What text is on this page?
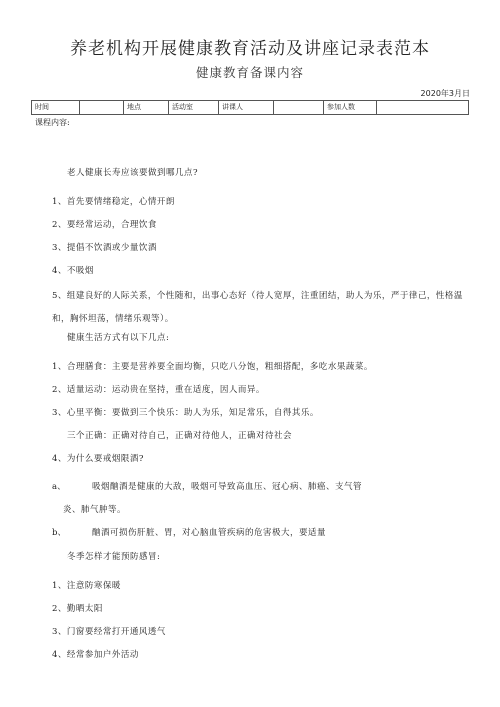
养老机构开展健康教育活动及讲座记录表范本
健康教育备课内容
2020年3月日
时间		地点	活动室	讲课人		参加人数	
课程内容:
老人健康长寿应该要做到哪几点?
1、首先要情绪稳定，心情开朗
2、要经常运动，合理饮食
3、提倡不饮酒或少量饮酒
4、不吸烟
5、组建良好的人际关系，个性随和，出事心态好（待人宽厚，注重团结，助人为乐，严于律己，性格温和，胸怀坦荡，情绪乐观等）。
健康生活方式有以下几点:
1、合理膳食：主要是营养要全面均衡，只吃八分饱，粗细搭配，多吃水果蔬菜。
2、适量运动：运动贵在坚持，重在适度，因人而异。
3、心里平衡：要做到三个快乐：助人为乐，知足常乐，自得其乐。
三个正确：正确对待自己，正确对待他人，正确对待社会
4、为什么要戒烟限酒?
a、	吸烟酗酒是健康的大敌，吸烟可导致高血压、冠心病、肺癌、支气管
炎、肺气肿等。
b、	酗酒可损伤肝脏、胃，对心脑血管疾病的危害极大，要适量
冬季怎样才能预防感冒:
1、注意防寒保暖
2、勤晒太阳
3、门窗要经常打开通风透气
4、经常参加户外活动
